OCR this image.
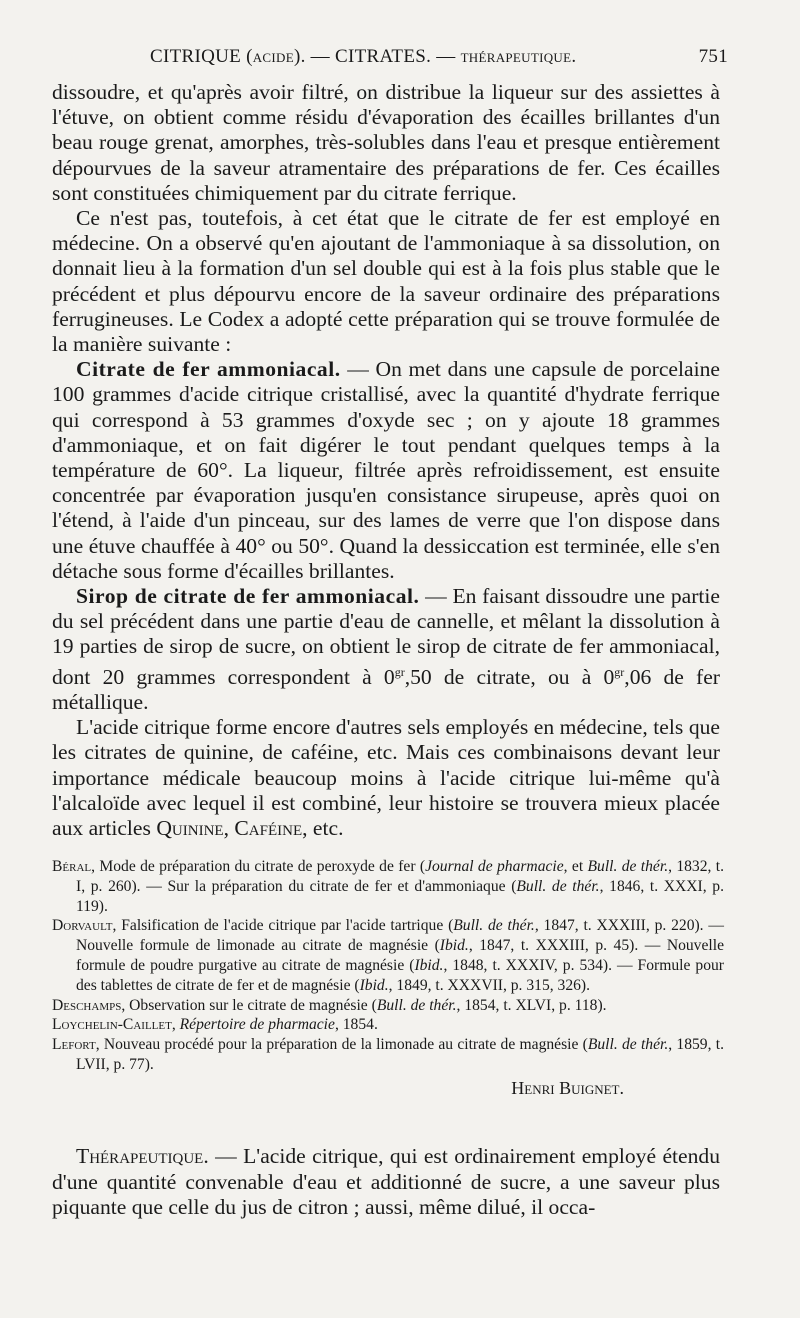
CITRIQUE (acide). — CITRATES. — thérapeutique.	751

dissoudre, et qu'après avoir filtré, on distribue la liqueur sur des assiettes à l'étuve, on obtient comme résidu d'évaporation des écailles brillantes d'un beau rouge grenat, amorphes, très-solubles dans l'eau et presque entièrement dépourvues de la saveur atramentaire des préparations de fer. Ces écailles sont constituées chimiquement par du citrate ferrique.

Ce n'est pas, toutefois, à cet état que le citrate de fer est employé en médecine. On a observé qu'en ajoutant de l'ammoniaque à sa dissolution, on donnait lieu à la formation d'un sel double qui est à la fois plus stable que le précédent et plus dépourvu encore de la saveur ordinaire des préparations ferrugineuses. Le Codex a adopté cette préparation qui se trouve formulée de la manière suivante :

Citrate de fer ammoniacal. — On met dans une capsule de porcelaine 100 grammes d'acide citrique cristallisé, avec la quantité d'hydrate ferrique qui correspond à 53 grammes d'oxyde sec ; on y ajoute 18 grammes d'ammoniaque, et on fait digérer le tout pendant quelques temps à la température de 60°. La liqueur, filtrée après refroidissement, est ensuite concentrée par évaporation jusqu'en consistance sirupeuse, après quoi on l'étend, à l'aide d'un pinceau, sur des lames de verre que l'on dispose dans une étuve chauffée à 40° ou 50°. Quand la dessiccation est terminée, elle s'en détache sous forme d'écailles brillantes.

Sirop de citrate de fer ammoniacal. — En faisant dissoudre une partie du sel précédent dans une partie d'eau de cannelle, et mêlant la dissolution à 19 parties de sirop de sucre, on obtient le sirop de citrate de fer ammoniacal, dont 20 grammes correspondent à $0^{gr},50$ de citrate, ou à $0^{gr},06$ de fer métallique.

L'acide citrique forme encore d'autres sels employés en médecine, tels que les citrates de quinine, de caféine, etc. Mais ces combinaisons devant leur importance médicale beaucoup moins à l'acide citrique lui-même qu'à l'alcaloïde avec lequel il est combiné, leur histoire se trouvera mieux placée aux articles Quinine, Caféine, etc.

Béral, Mode de préparation du citrate de peroxyde de fer (Journal de pharmacie, et Bull. de thér., 1832, t. I, p. 260). — Sur la préparation du citrate de fer et d'ammoniaque (Bull. de thér., 1846, t. XXXI, p. 119).

Dorvault, Falsification de l'acide citrique par l'acide tartrique (Bull. de thér., 1847, t. XXXIII, p. 220). — Nouvelle formule de limonade au citrate de magnésie (Ibid., 1847, t. XXXIII, p. 45). — Nouvelle formule de poudre purgative au citrate de magnésie (Ibid., 1848, t. XXXIV, p. 534). — Formule pour des tablettes de citrate de fer et de magnésie (Ibid., 1849, t. XXXVII, p. 315, 326).

Deschamps, Observation sur le citrate de magnésie (Bull. de thér., 1854, t. XLVI, p. 118).

Loychelin-Caillet, Répertoire de pharmacie, 1854.

Lefort, Nouveau procédé pour la préparation de la limonade au citrate de magnésie (Bull. de thér., 1859, t. LVII, p. 77).

Henri Buignet.

Thérapeutique. — L'acide citrique, qui est ordinairement employé étendu d'une quantité convenable d'eau et additionné de sucre, a une saveur plus piquante que celle du jus de citron ; aussi, même dilué, il occa-
